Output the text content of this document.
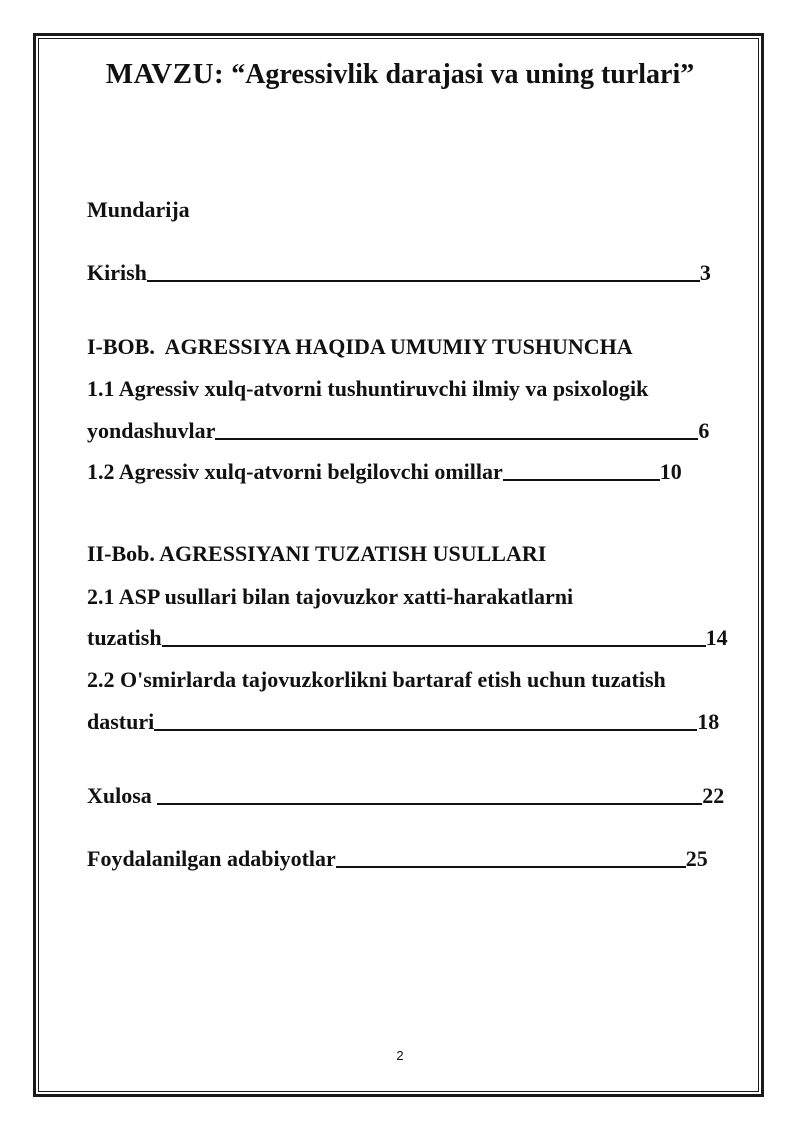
MAVZU: “Agressivlik darajasi va uning turlari”
Mundarija
Kirish	3
I-BOB.  AGRESSIYA HAQIDA UMUMIY TUSHUNCHA
1.1 Agressiv xulq-atvorni tushuntiruvchi ilmiy va psixologik
yondashuvlar	6
1.2 Agressiv xulq-atvorni belgilovchi omillar	10
II-Bob. AGRESSIYANI TUZATISH USULLARI
2.1 ASP usullari bilan tajovuzkor xatti-harakatlarni
tuzatish	14
2.2 O'smirlarda tajovuzkorlikni bartaraf etish uchun tuzatish
dasturi	18
Xulosa	22
Foydalanilgan adabiyotlar	25
2
